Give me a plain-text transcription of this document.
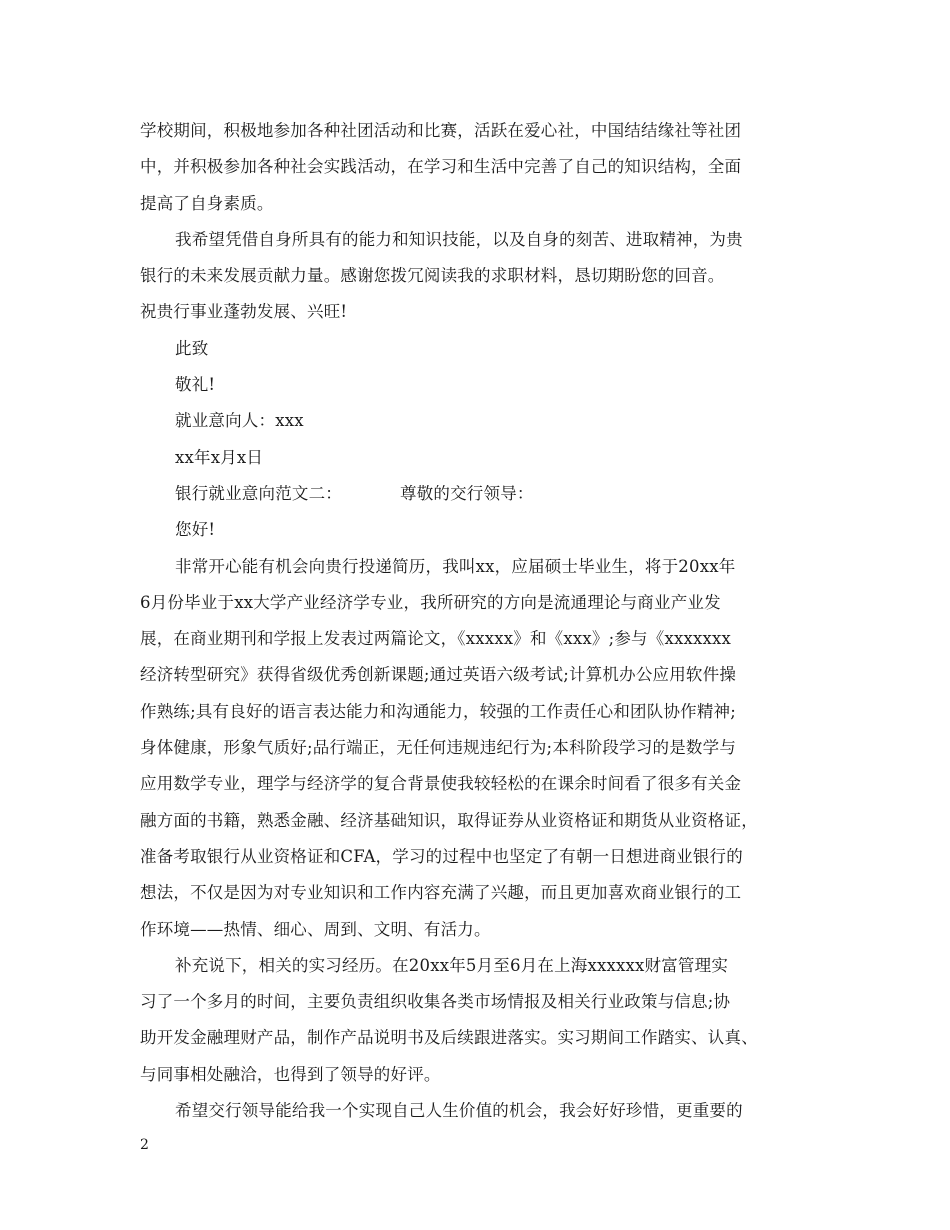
学校期间，积极地参加各种社团活动和比赛，活跃在爱心社，中国结结缘社等社团
中，并积极参加各种社会实践活动，在学习和生活中完善了自己的知识结构，全面
提高了自身素质。
我希望凭借自身所具有的能力和知识技能，以及自身的刻苦、进取精神，为贵
银行的未来发展贡献力量。感谢您拨冗阅读我的求职材料，恳切期盼您的回音。
祝贵行事业蓬勃发展、兴旺!
此致
敬礼!
就业意向人：xxx
xx年x月x日
银行就业意向范文二：	尊敬的交行领导：
您好!
非常开心能有机会向贵行投递简历，我叫xx，应届硕士毕业生，将于20xx年
6月份毕业于xx大学产业经济学专业，我所研究的方向是流通理论与商业产业发
展，在商业期刊和学报上发表过两篇论文，《xxxxx》和《xxx》;参与《xxxxxxx
经济转型研究》获得省级优秀创新课题;通过英语六级考试;计算机办公应用软件操
作熟练;具有良好的语言表达能力和沟通能力，较强的工作责任心和团队协作精神;
身体健康，形象气质好;品行端正，无任何违规违纪行为;本科阶段学习的是数学与
应用数学专业，理学与经济学的复合背景使我较轻松的在课余时间看了很多有关金
融方面的书籍，熟悉金融、经济基础知识，取得证券从业资格证和期货从业资格证，
准备考取银行从业资格证和CFA，学习的过程中也坚定了有朝一日想进商业银行的
想法，不仅是因为对专业知识和工作内容充满了兴趣，而且更加喜欢商业银行的工
作环境——热情、细心、周到、文明、有活力。
补充说下，相关的实习经历。在20xx年5月至6月在上海xxxxxx财富管理实
习了一个多月的时间，主要负责组织收集各类市场情报及相关行业政策与信息;协
助开发金融理财产品，制作产品说明书及后续跟进落实。实习期间工作踏实、认真、
与同事相处融洽，也得到了领导的好评。
希望交行领导能给我一个实现自己人生价值的机会，我会好好珍惜，更重要的
2
